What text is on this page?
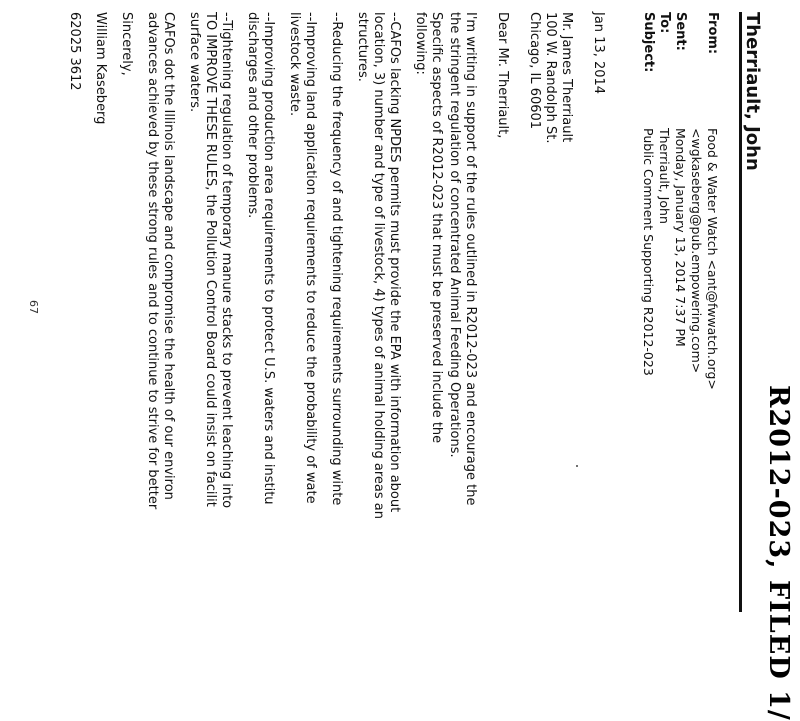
R2012-023, FILED 1/
Therriault, John
From:
Sent:
To:
Subject:
Food & Water Watch <ant@fwwatch.org>
<wgkaseberg@pub.empowering.com>
Monday, January 13, 2014 7:37 PM
Therriault, John
Public Comment Supporting R2012-023
Jan 13, 2014
Mr. James Therriault
100 W. Randolph St.
Chicago, IL 60601
Dear Mr. Therriault,
I'm writing in support of the rules outlined in R2012-023 and encourage the
the stringent regulation of concentrated Animal Feeding Operations.
Specific aspects of R2012-023 that must be preserved include the
following:
--CAFOs lacking NPDES permits must provide the EPA with information about
location, 3) number and type of livestock, 4) types of animal holding areas an
structures.
--Reducing the frequency of and tightening requirements surrounding winte
--Improving land application requirements to reduce the probability of wate
livestock waste.
--Improving production area requirements to protect U.S. waters and institu
discharges and other problems.
--Tightening regulation of temporary manure stacks to prevent leaching into
TO IMPROVE THESE RULES, the Pollution Control Board could insist on facilit
surface waters.
CAFOs dot the Illinois landscape and compromise the health of our environ
advances achieved by these strong rules and to continue to strive for better
Sincerely,
William Kaseberg
62025 3612
67
